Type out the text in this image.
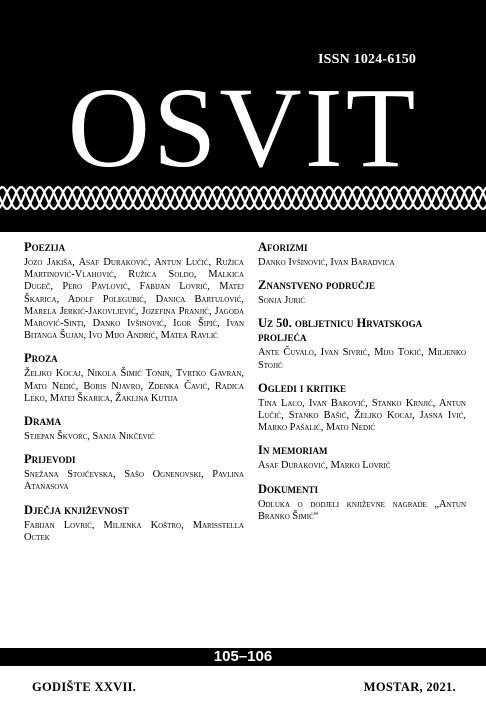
ISSN 1024-6150
OSVIT
Poezija
Jozo Jakiša, Asaf Duraković, Antun Lučić, Ružica Martinović-Vlahović, Ružica Soldo, Malkica Dugeč, Pero Pavlović, Fabijan Lovrić, Matej Škarica, Adolf Polegubić, Danica Bartulović, Marela Jerkić-Jakovljević, Jozefina Pranjić, Jagoda Marović-Sinti, Danko Ivšinović, Igor Šipić, Ivan Bitanga Šujan, Ivo Mijo Andrić, Matea Ravlić
Proza
Željko Kocaj, Nikola Šimić Tonin, Tvrtko Gavran, Mato Nedić, Boris Njavro, Zdenka Čavić, Radica Leko, Matej Škarica, Žaklina Kutija
Drama
Stjepan Škvorc, Sanja Nikčević
Prijevodi
Snežana Stojčevska, Sašo Ognenovski, Pavlina Atanasova
Dječja književnost
Fabijan Lovrić, Miljenka Koštro, Marisstella Octek
Aforizmi
Danko Ivšinović, Ivan Baradvica
Znanstveno područje
Sonja Jurić
Uz 50. obljetnicu Hrvatskoga proljeća
Ante Čuvalo, Ivan Sivrić, Mijo Tokić, Miljenko Stojić
Ogledi i kritike
Tina Laco, Ivan Baković, Stanko Krnjić, Antun Lučić, Stanko Bašić, Željko Kocaj, Jasna Ivić, Marko Pašalić, Mato Nedić
In memoriam
Asaf Duraković, Marko Lovrić
Dokumenti
Odluka o dodjeli književne nagrade „Antun Branko Šimić“
105–106
GODIŠTE XXVII.	MOSTAR, 2021.
